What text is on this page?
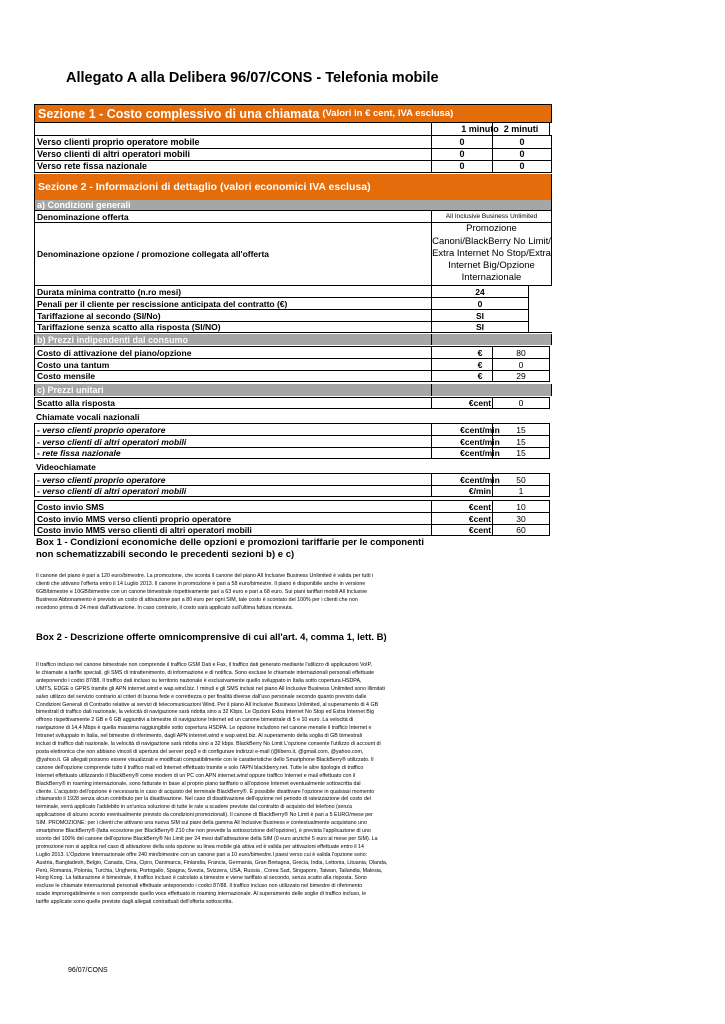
Allegato A alla Delibera 96/07/CONS - Telefonia mobile
Sezione 1 - Costo complessivo di una chiamata (Valori in € cent, IVA esclusa)
1 minuto 2 minuti
Verso clienti proprio operatore mobile	0	0
Verso clienti di altri operatori mobili	0	0
Verso rete fissa nazionale	0	0
a) Condizioni generali
Denominazione offerta	All Inclusive Business Unlimited
Denominazione opzione / promozione collegata all'offerta
Promozione
Canoni/BlackBerry No Limit/
Extra Internet No Stop/Extra
Internet Big/Opzione
Internazionale
Durata minima contratto (n.ro mesi)	24
Penali per il cliente per rescissione anticipata del contratto (€)	0
Tariffazione al secondo (SI/No)	SI
Tariffazione senza scatto alla risposta (SI/NO)	SI
b) Prezzi indipendenti dal consumo
Costo di attivazione del piano/opzione	€	80
Costo una tantum	€	0
Costo mensile	€	29
c) Prezzi unitari
Scatto alla risposta	€cent	0
Chiamate vocali nazionali
- verso clienti proprio operatore	€cent/min	15
- verso clienti di altri operatori mobili	€cent/min	15
- rete fissa nazionale	€cent/min	15
Videochiamate
- verso clienti proprio operatore	€cent/min	50
- verso clienti di altri operatori mobili	€/min	1
Costo invio SMS	€cent	10
Costo invio MMS verso clienti proprio operatore	€cent	30
Costo invio MMS verso clienti di altri operatori mobili	€cent	60
Sezione 2 - Informazioni di dettaglio (valori economici IVA esclusa)
Box 1 - Condizioni economiche delle opzioni e promozioni tariffarie per le componenti
non schematizzabili secondo le precedenti sezioni b) e c)
Il canone del piano è pari a 120 euro/bimestre. La promozione, che sconta il canone del piano All Inclusive Business Unlimited è valida per tutti i
clienti che attivano l'offerta entro il 14 Luglio 2013. Il canone in promozione è pari a 58 euro/bimestre. Il piano è disponibile anche in versione
6GB/bimestre e 10GB/bimestre con un canone bimestrale rispettivamente pari a 63 euro e pari a 68 euro. Sui piani tariffari mobili All Inclusive
Business Abbonamento è previsto un costo di attivazione pari a 80 euro per ogni SIM, tale costo è scontato del 100% per i clienti che non
recedono prima di 24 mesi dall'attivazione. In caso contrario, il costo sarà applicato sull'ultima fattura ricevuta.
Box 2 - Descrizione offerte omnicomprensive di cui all'art. 4, comma 1, lett. B)
Il traffico incluso nel canone bimestrale non comprende il traffico GSM Dati e Fax, il traffico dati generato mediante l'utilizzo di applicazioni VoIP,
le chiamate a tariffe speciali, gli SMS di intrattenimento, di informazione e di notifica. Sono escluse le chiamate internazionali personali effettuate
anteponendo i codici 87/88. Il traffico dati incluso su territorio nazionale è esclusivamente quello sviluppato in Italia sotto copertura HSDPA,
UMTS, EDGE o GPRS tramite gli APN internet.wind e wap.wind.biz. I minuti e gli SMS inclusi nel piano All Inclusive Business Unlimited sono illimitati
salvo utilizzo del servizio contrario ai criteri di buona fede e correttezza o per finalità diverse dall'uso personale secondo quanto previsto dalle
Condizioni Generali di Contratto relative ai servizi di telecomunicazioni Wind. Per il piano All Inclusive Business Unlimited, al superamento di 4 GB
bimestrali di traffico dati nazionale, la velocità di navigazione sarà ridotta sino a 32 Kbps. Le Opzioni Extra Internet No Stop ed Extra Internet Big
offrono rispettivamente 2 GB e 6 GB aggiuntivi a bimestre di navigazione Internet ed un canone bimestrale di 5 e 10 euro. La velocità di
navigazione di 14,4 Mbps è quella massima raggiungibile sotto copertura HSDPA. Le opzione includono nel canone mensile il traffico Internet e
Intranet sviluppato in Italia, nel bimestre di riferimento, dagli APN internet.wind e wap.wind.biz. Al superamento della soglia di GB bimestrali
inclusi di traffico dati nazionale, la velocità di navigazione sarà ridotta sino a 32 kbps. BlackBerry No Limit L'opzione consente l'utilizzo di account di
posta elettronica che non abbiano vincoli di apertura del server pop3 e di configurare indirizzi e-mail (@libero.it, @gmail.com, @yahoo.com,
@yahoo.it. Gli allegati possono essere visualizzati e modificati compatibilmente con le caratteristiche dello Smartphone BlackBerry® utilizzato. Il
canone dell'opzione comprende tutto il traffico mail ed Internet effettuato tramite e solo l'APN blackberry.net. Tutte le altre tipologie di traffico
Internet effettuato utilizzando il BlackBerry® come modem di un PC con APN internet.wind oppure traffico Internet e mail effettuato con il
BlackBerry® in roaming internazionale, sono fatturate in base al proprio piano tariffario o all'opzione Internet eventualmente sottoscritta dal
cliente. L'acquisto dell'opzione è necessaria in caso di acquisto del terminale BlackBerry®. È possibile disattivare l'opzione in qualsiasi momento
chiamando il 1928 senza alcun contributo per la disattivazione. Nel caso di disattivazione dell'opzione nel periodo di rateizzazione del costo del
terminale, verrà applicato l'addebito in un'unica soluzione di tutte le rate a scadere previste dal contratto di acquisto del telefono (senza
applicazione di alcuno sconto eventualmente previsto da condizioni promozionali). Il canone di BlackBerry® No Limit è pari a 5 EURO/mese per
SIM. PROMOZIONE: per i clienti che attivano una nuova SIM sui piani della gamma All Inclusive Business e contestualmente acquistano uno
smartphone BlackBerry® (fatta eccezione per BlackBerry® Z10 che non prevede la sottoscrizione dell'opzione), è prevista l'applicazione di uno
sconto del 100% del canone dell'opzione BlackBerry® No Limit per 24 mesi dall'attivazione della SIM (0 euro anziché 5 euro al mese per SIM). La
promozione non si applica nel caso di attivazione della sola opzione su linea mobile già attiva ed è valida per attivazioni effettuate entro il 14
Luglio 2013. L'Opzione Internazionale offre 240 min/bimestre con un canone pari a 10 euro/bimestre.I paesi verso cui è valida l'opzione sono:
Austria, Bangladesh, Belgio, Canada, Cina, Cipro, Danimarca, Finlandia, Francia, Germania, Gran Bretagna, Grecia, India, Lettonia, Lituania, Olanda,
Perù, Romania, Polonia, Turchia, Ungheria, Portogallo, Spagna, Svezia, Svizzera, USA, Russia , Corea Sud, Singapore, Taiwan, Tailandia, Malesia,
Hong Kong. La fatturazione è bimestrale, il traffico incluso è calcolato a bimestre e viene tariffato al secondo, senza scatto alla risposta. Sono
escluse le chiamate internazionali personali effettuate anteponendo i codici 87/88. Il traffico incluso non utilizzato nel bimestre di riferimento
scade improrogabilmente e non comprende quello voce effettuato in roaming internazionale. Al superamento delle soglie di traffico incluso, le
tariffe applicate sono quelle previste dagli allegati contrattuali dell'offerta sottoscritta.
96/07/CONS
